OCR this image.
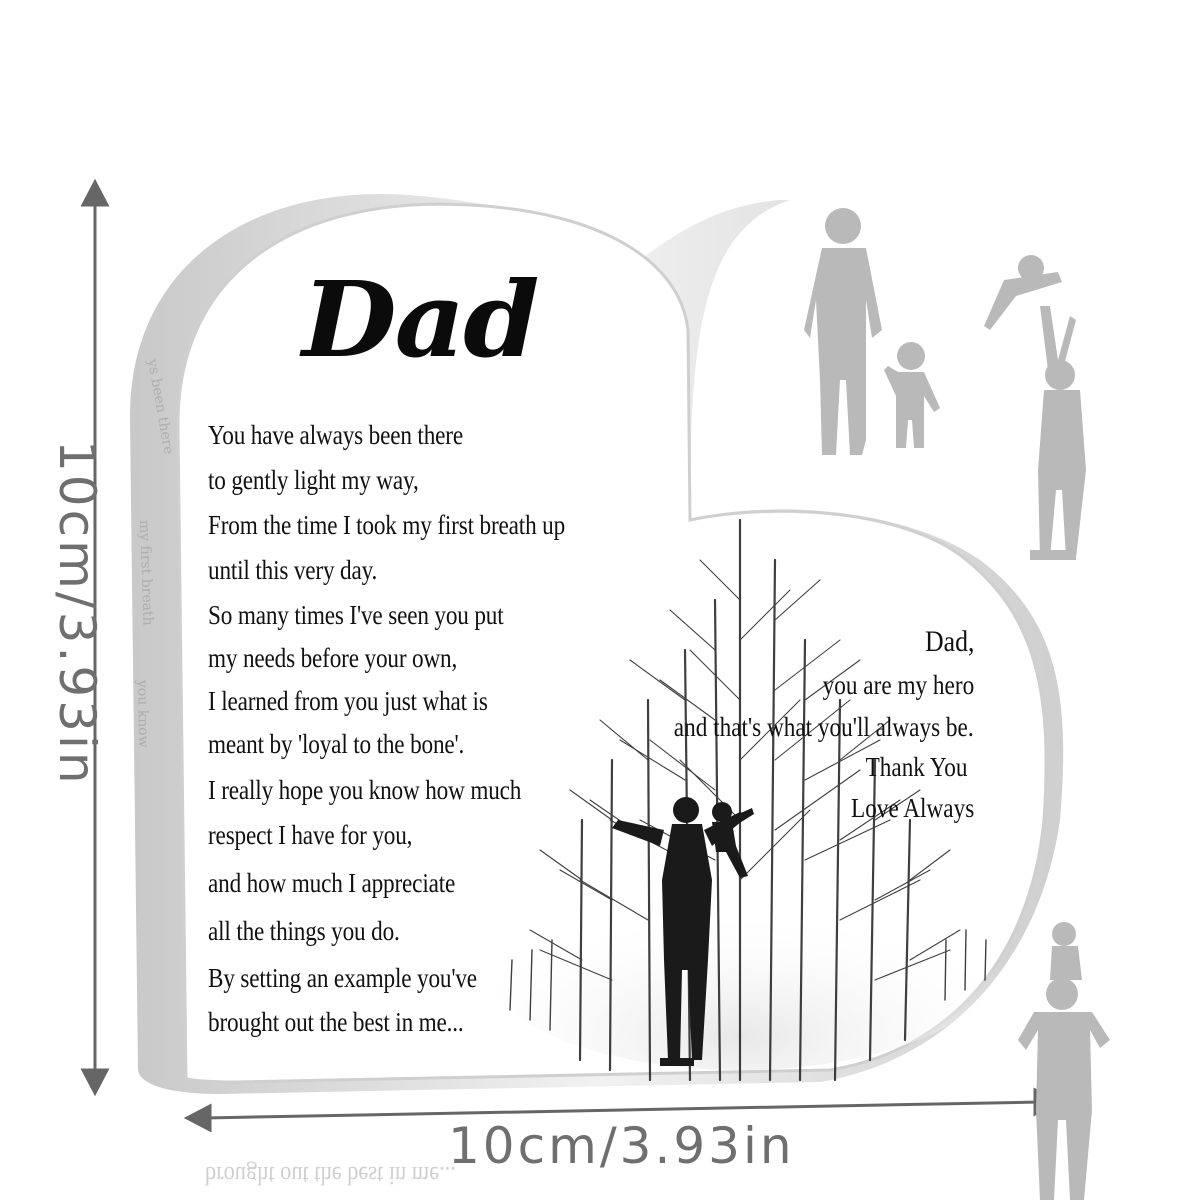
ys been there
my first breath
you know
Dad
You have always been there
to gently light my way,
From the time I took my first breath up
until this very day.
So many times I've seen you put
my needs before your own,
I learned from you just what is
meant by 'loyal to the bone'.
I really hope you know how much
respect I have for you,
and how much I appreciate
all the things you do.
By setting an example you've
brought out the best in me...
Dad,
you are my hero
and that's what you'll always be.
Thank You
Love Always
10cm/3.93in
10cm/3.93in
brought out the best in me...
